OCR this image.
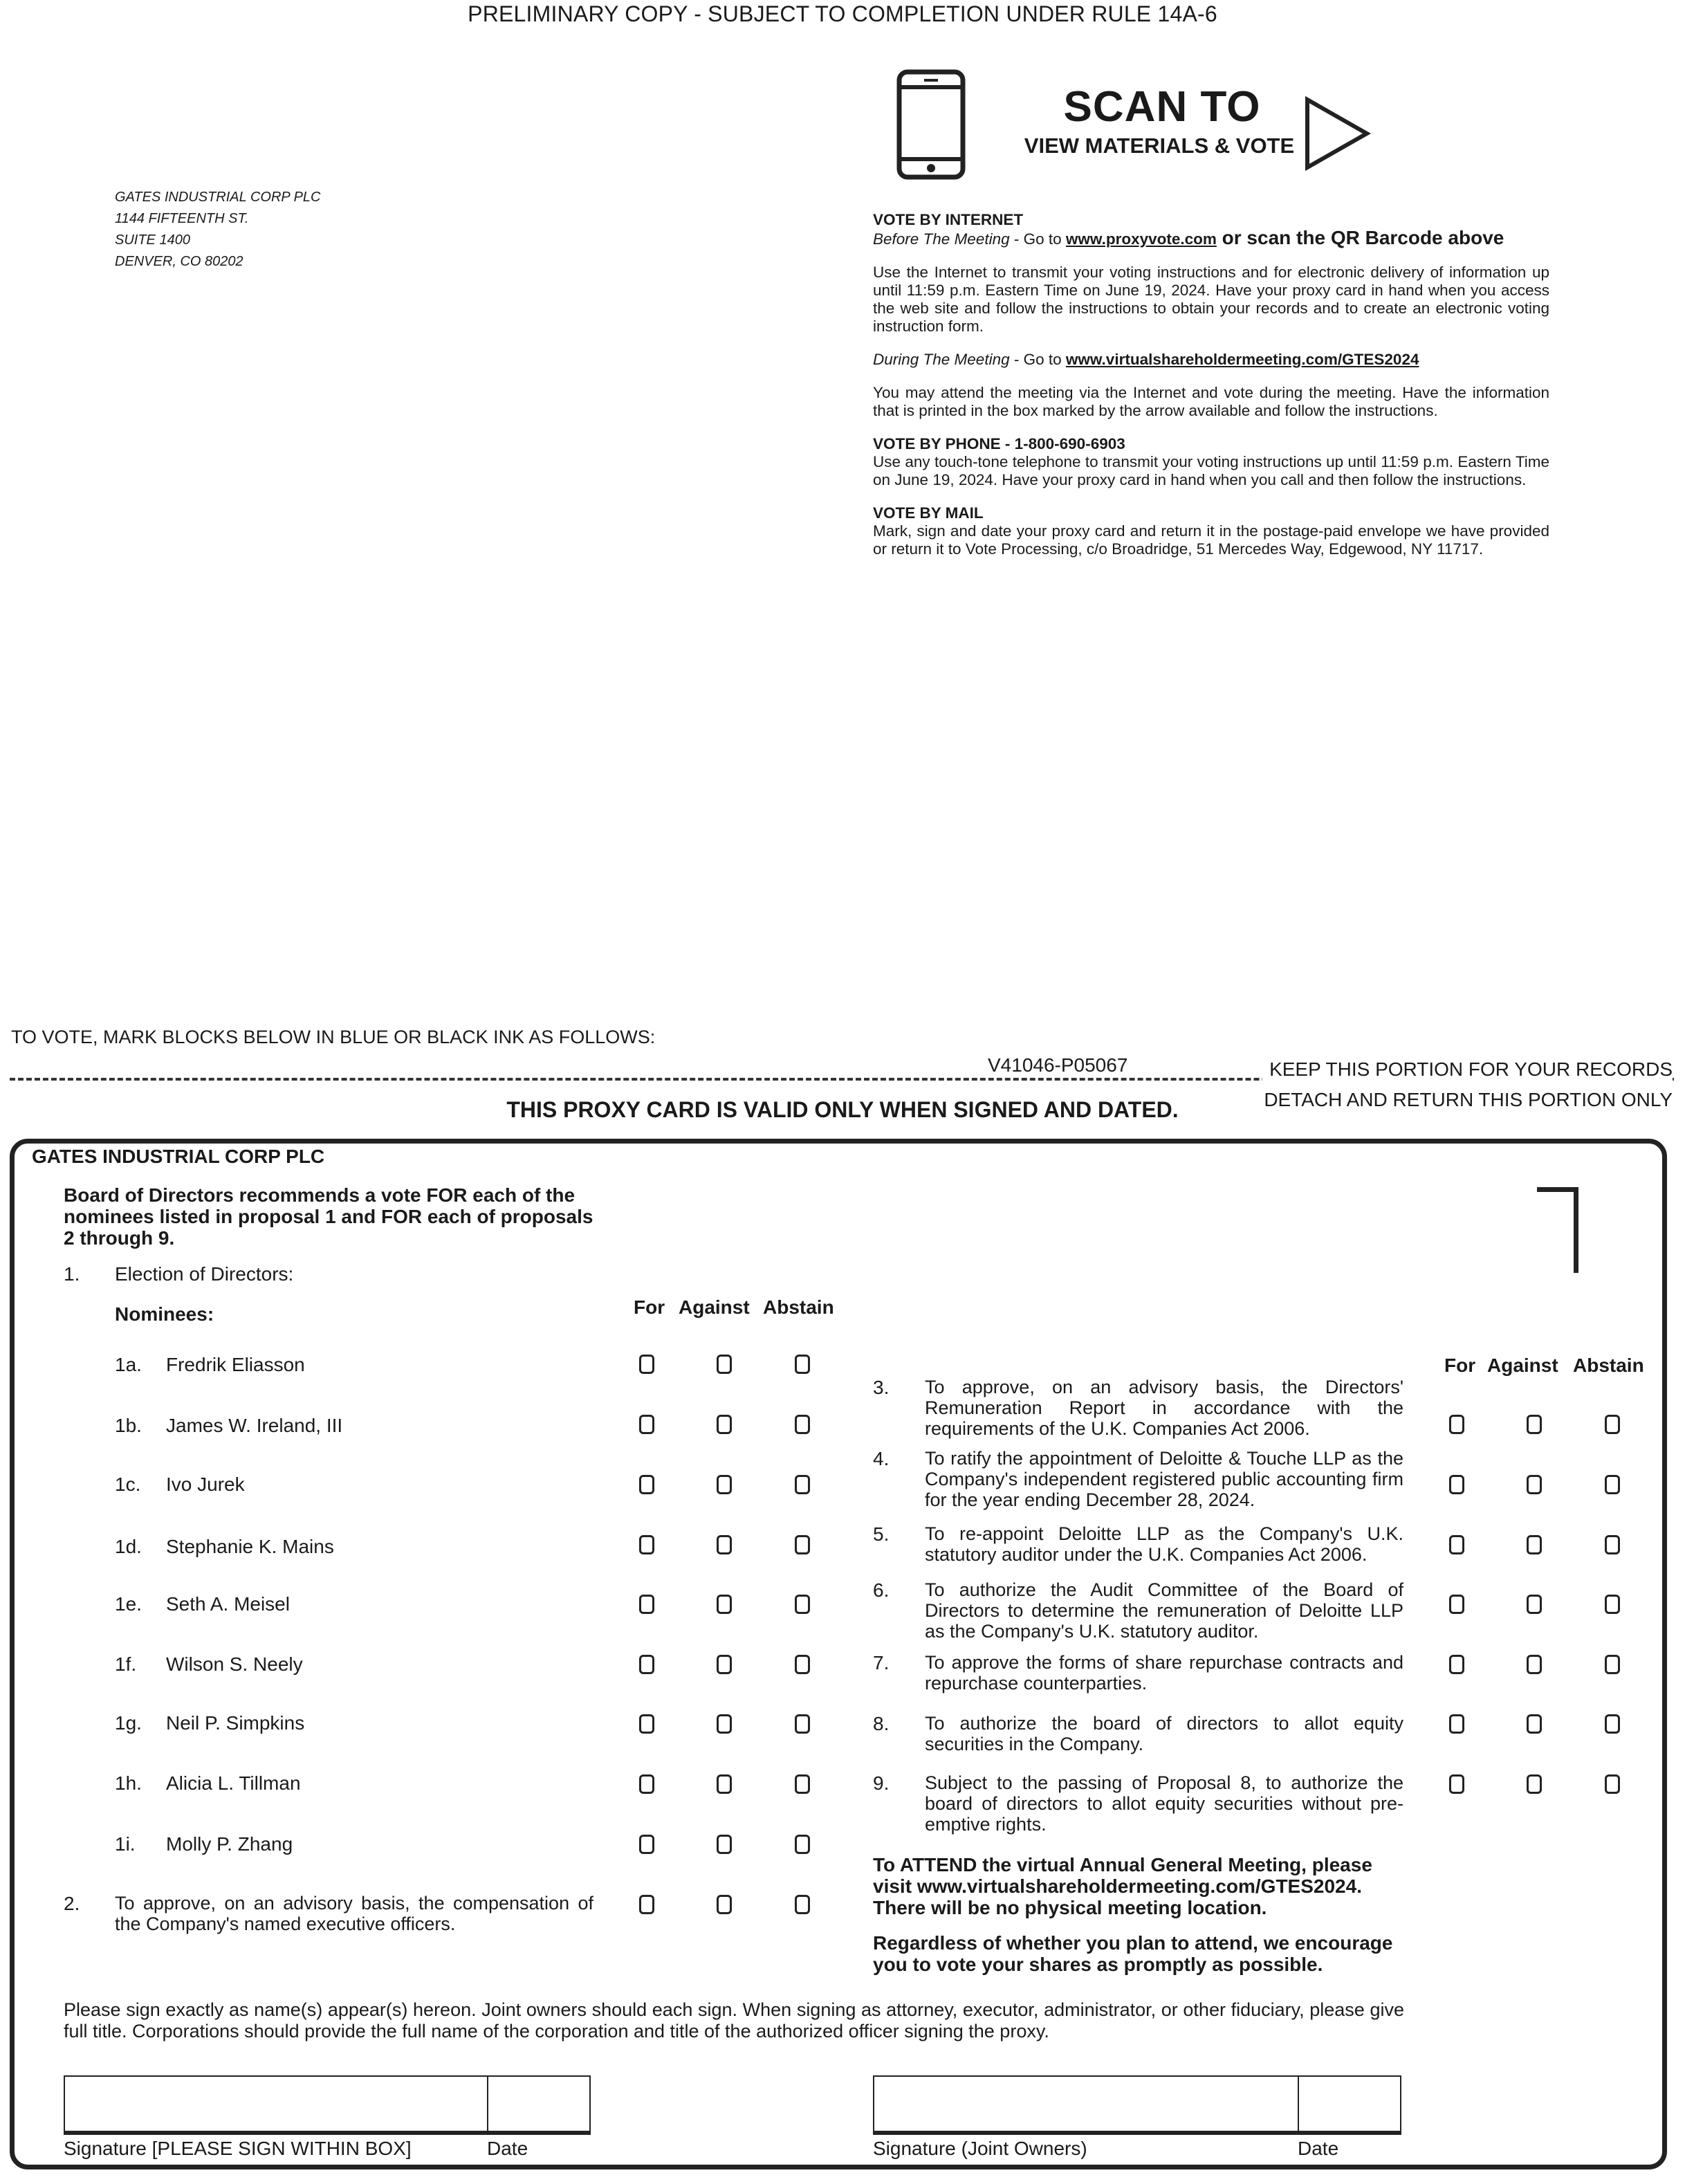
PRELIMINARY COPY - SUBJECT TO COMPLETION UNDER RULE 14A-6
GATES INDUSTRIAL CORP PLC
1144 FIFTEENTH ST.
SUITE 1400
DENVER, CO 80202
SCAN TO
VIEW MATERIALS & VOTE
VOTE BY INTERNET
Before The Meeting - Go to www.proxyvote.com or scan the QR Barcode above

Use the Internet to transmit your voting instructions and for electronic delivery of information up until 11:59 p.m. Eastern Time on June 19, 2024. Have your proxy card in hand when you access the web site and follow the instructions to obtain your records and to create an electronic voting instruction form.

During The Meeting - Go to www.virtualshareholdermeeting.com/GTES2024

You may attend the meeting via the Internet and vote during the meeting. Have the information that is printed in the box marked by the arrow available and follow the instructions.

VOTE BY PHONE - 1-800-690-6903

Use any touch-tone telephone to transmit your voting instructions up until 11:59 p.m. Eastern Time on June 19, 2024. Have your proxy card in hand when you call and then follow the instructions.

VOTE BY MAIL

Mark, sign and date your proxy card and return it in the postage-paid envelope we have provided or return it to Vote Processing, c/o Broadridge, 51 Mercedes Way, Edgewood, NY 11717.

TO VOTE, MARK BLOCKS BELOW IN BLUE OR BLACK INK AS FOLLOWS:
V41046-P05067	KEEP THIS PORTION FOR YOUR RECORDS
THIS PROXY CARD IS VALID ONLY WHEN SIGNED AND DATED.	DETACH AND RETURN THIS PORTION ONLY
GATES INDUSTRIAL CORP PLC
Board of Directors recommends a vote FOR each of the nominees listed in proposal 1 and FOR each of proposals 2 through 9.
1. Election of Directors:
Nominees:	For Against Abstain
1a. Fredrik Eliasson
1b. James W. Ireland, III
1c. Ivo Jurek
1d. Stephanie K. Mains
1e. Seth A. Meisel
1f. Wilson S. Neely
1g. Neil P. Simpkins
1h. Alicia L. Tillman
1i. Molly P. Zhang
2. To approve, on an advisory basis, the compensation of the Company's named executive officers.
For Against Abstain
3. To approve, on an advisory basis, the Directors' Remuneration Report in accordance with the requirements of the U.K. Companies Act 2006.
4. To ratify the appointment of Deloitte & Touche LLP as the Company's independent registered public accounting firm for the year ending December 28, 2024.
5. To re-appoint Deloitte LLP as the Company's U.K. statutory auditor under the U.K. Companies Act 2006.
6. To authorize the Audit Committee of the Board of Directors to determine the remuneration of Deloitte LLP as the Company's U.K. statutory auditor.
7. To approve the forms of share repurchase contracts and repurchase counterparties.
8. To authorize the board of directors to allot equity securities in the Company.
9. Subject to the passing of Proposal 8, to authorize the board of directors to allot equity securities without pre-emptive rights.
To ATTEND the virtual Annual General Meeting, please visit www.virtualshareholdermeeting.com/GTES2024. There will be no physical meeting location.
Regardless of whether you plan to attend, we encourage you to vote your shares as promptly as possible.
Please sign exactly as name(s) appear(s) hereon. Joint owners should each sign. When signing as attorney, executor, administrator, or other fiduciary, please give full title. Corporations should provide the full name of the corporation and title of the authorized officer signing the proxy.
Signature [PLEASE SIGN WITHIN BOX]	Date	Signature (Joint Owners)	Date
